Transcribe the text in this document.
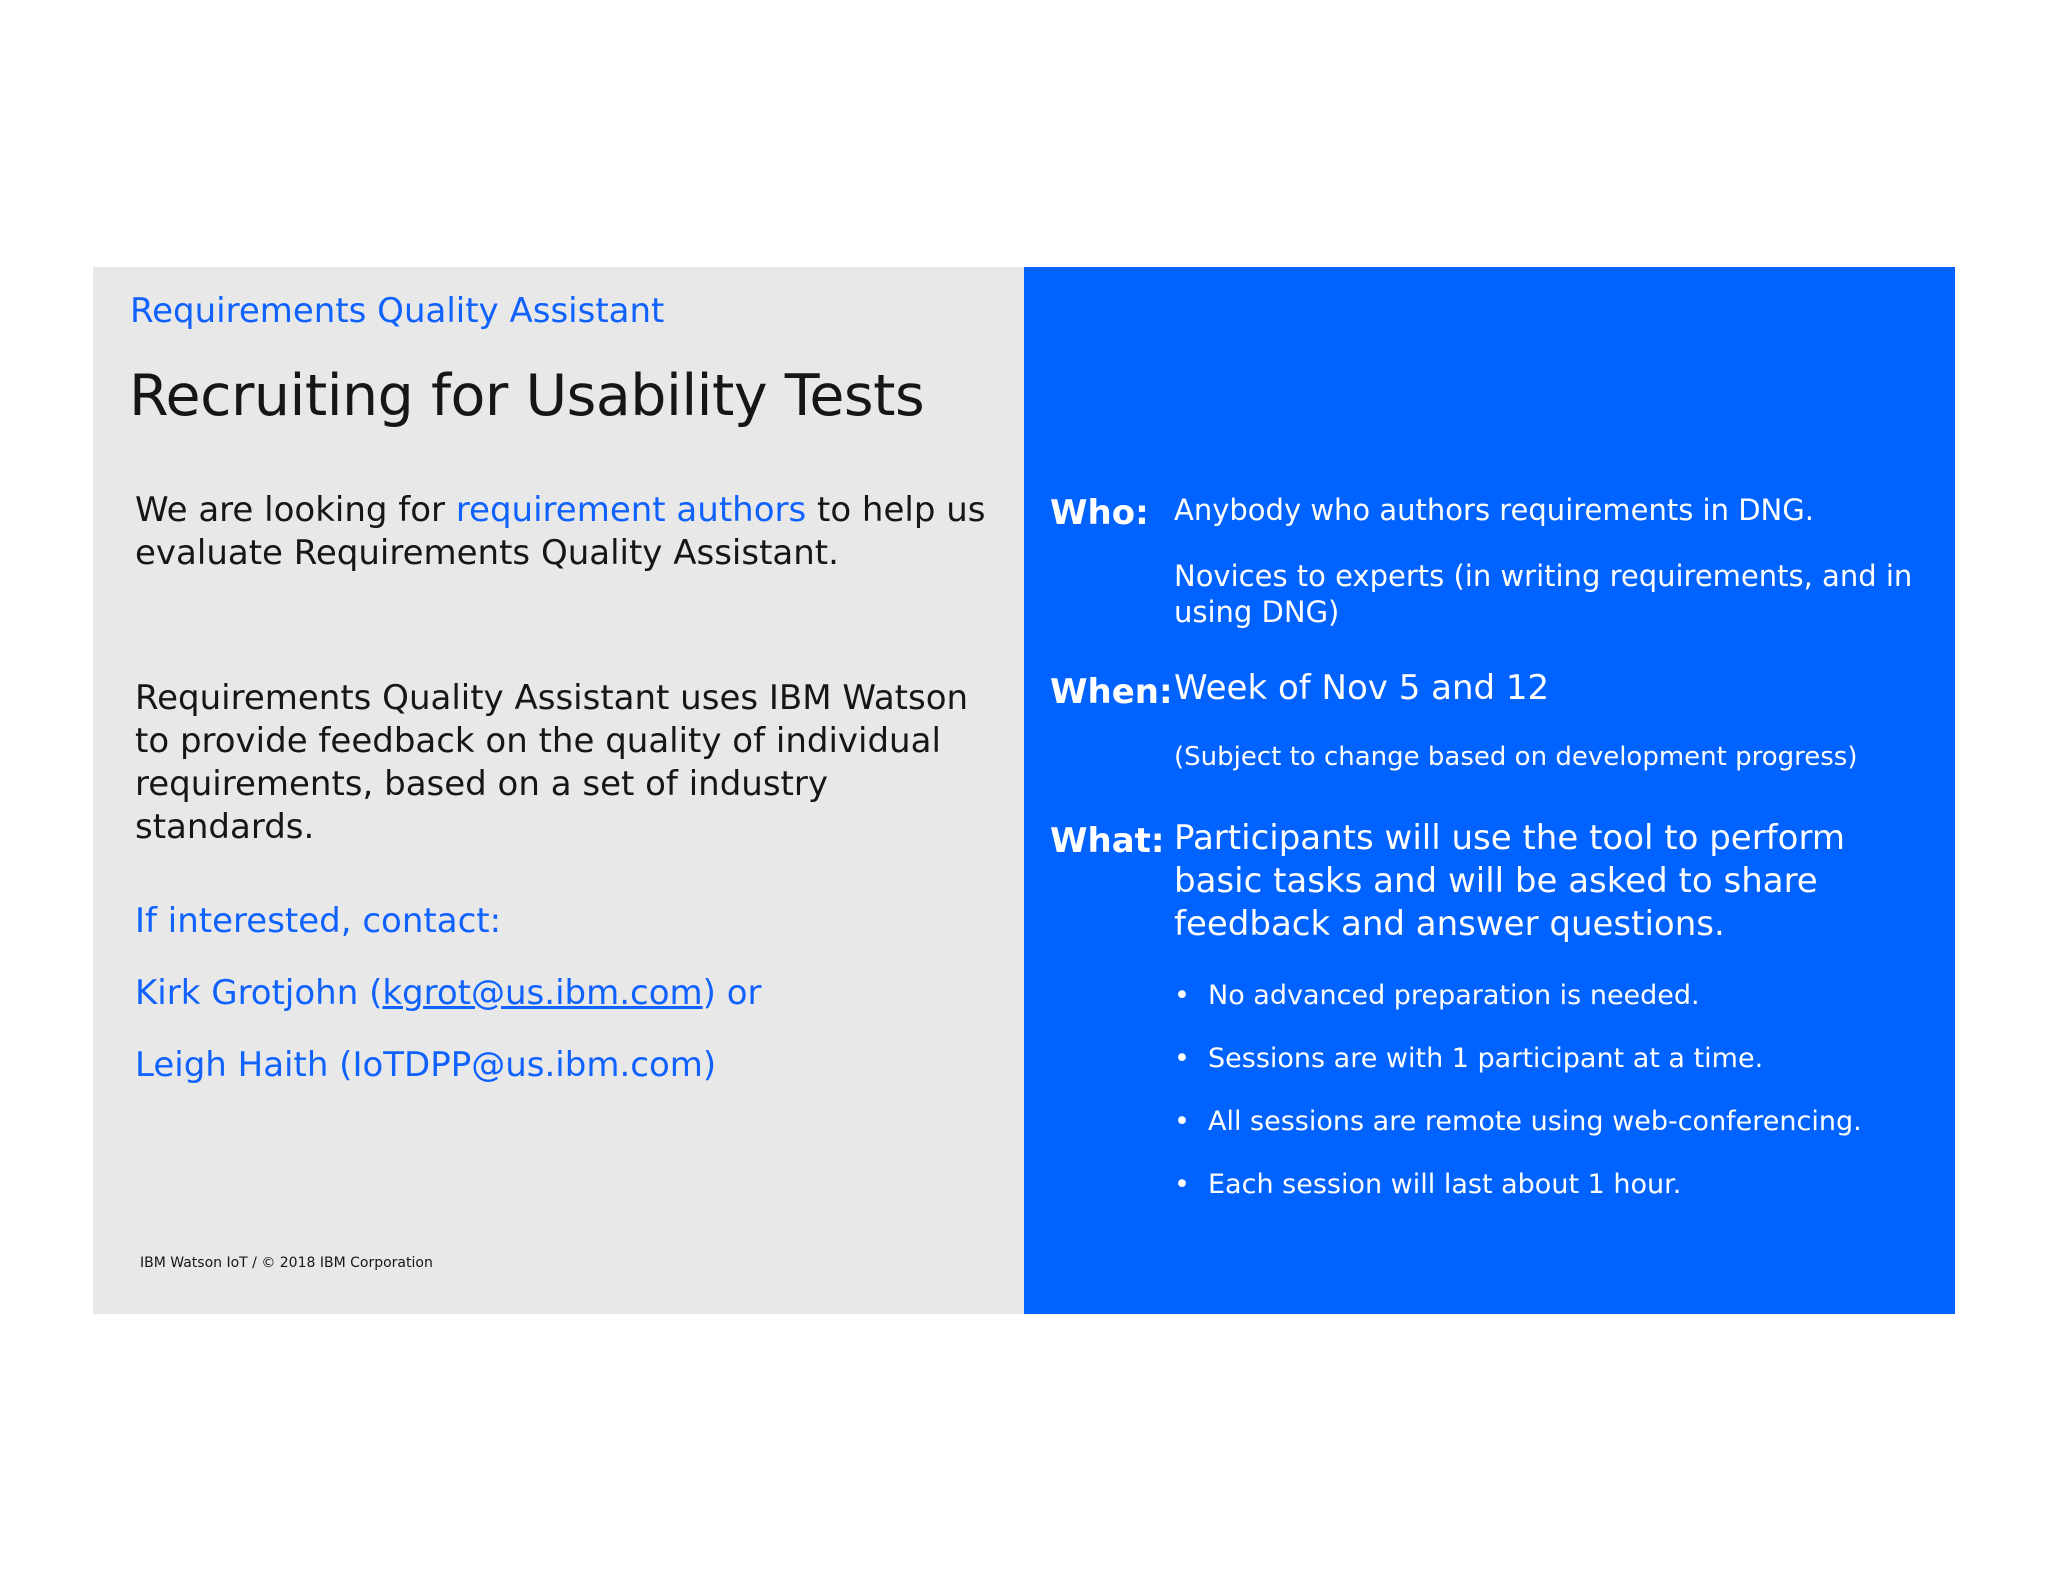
Requirements Quality Assistant
Recruiting for Usability Tests
We are looking for requirement authors to help us evaluate Requirements Quality Assistant.
Requirements Quality Assistant uses IBM Watson to provide feedback on the quality of individual requirements, based on a set of industry standards.
If interested, contact:
Kirk Grotjohn (kgrot@us.ibm.com) or
Leigh Haith (IoTDPP@us.ibm.com)
IBM Watson IoT / © 2018 IBM Corporation
Who: Anybody who authors requirements in DNG.
Novices to experts (in writing requirements, and in using DNG)
When: Week of Nov 5 and 12
(Subject to change based on development progress)
What: Participants will use the tool to perform basic tasks and will be asked to share feedback and answer questions.
• No advanced preparation is needed.
• Sessions are with 1 participant at a time.
• All sessions are remote using web-conferencing.
• Each session will last about 1 hour.
